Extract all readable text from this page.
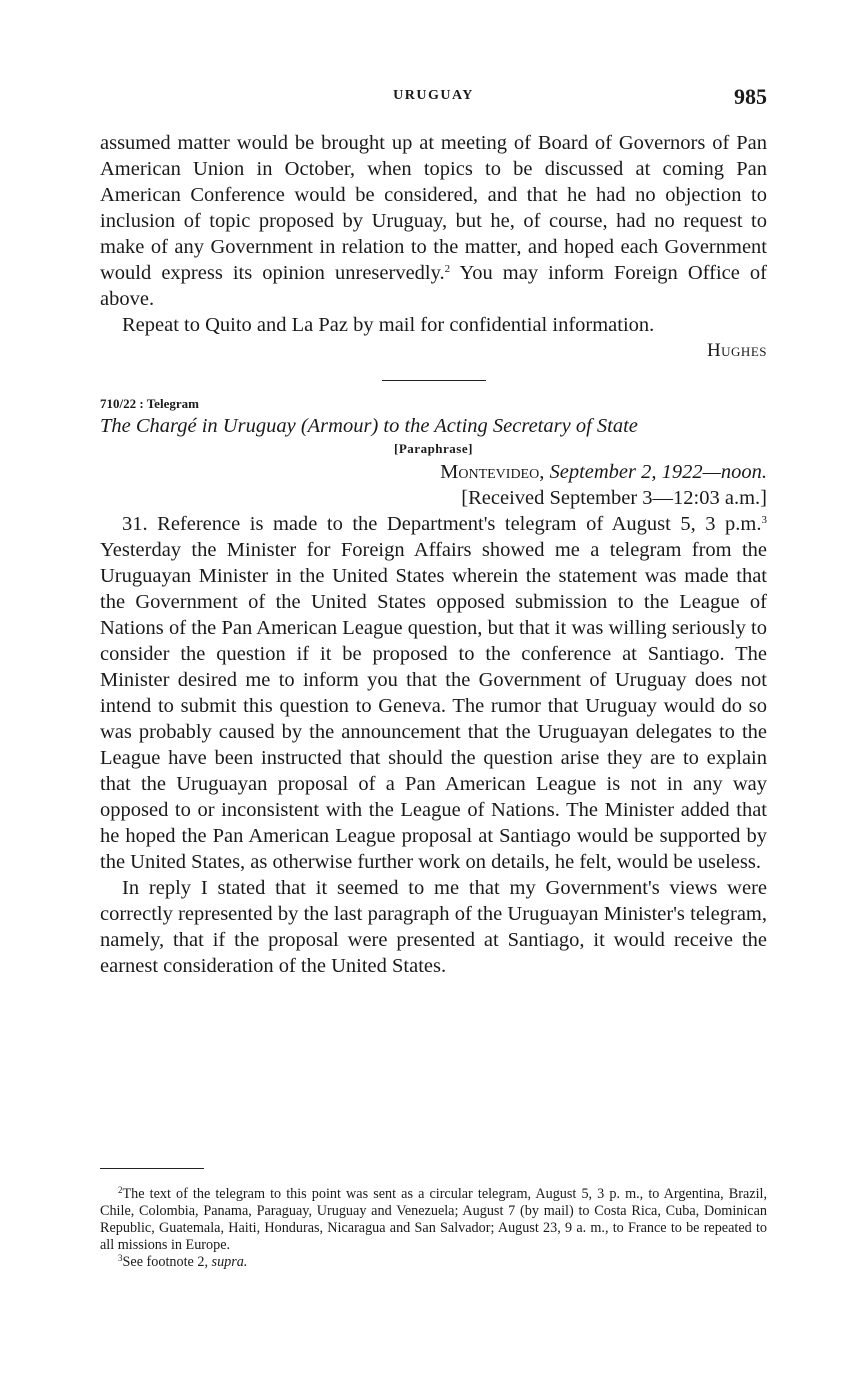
URUGUAY	985

assumed matter would be brought up at meeting of Board of Governors of Pan American Union in October, when topics to be discussed at coming Pan American Conference would be considered, and that he had no objection to inclusion of topic proposed by Uruguay, but he, of course, had no request to make of any Government in relation to the matter, and hoped each Government would express its opinion unreservedly.$^2$ You may inform Foreign Office of above.

Repeat to Quito and La Paz by mail for confidential information.

Hughes

710/22 : Telegram

The Chargé in Uruguay (Armour) to the Acting Secretary of State

[Paraphrase]

Montevideo, September 2, 1922—noon.

[Received September 3—12:03 a.m.]

31. Reference is made to the Department's telegram of August 5, 3 p.m.$^3$ Yesterday the Minister for Foreign Affairs showed me a telegram from the Uruguayan Minister in the United States wherein the statement was made that the Government of the United States opposed submission to the League of Nations of the Pan American League question, but that it was willing seriously to consider the question if it be proposed to the conference at Santiago. The Minister desired me to inform you that the Government of Uruguay does not intend to submit this question to Geneva. The rumor that Uruguay would do so was probably caused by the announcement that the Uruguayan delegates to the League have been instructed that should the question arise they are to explain that the Uruguayan proposal of a Pan American League is not in any way opposed to or inconsistent with the League of Nations. The Minister added that he hoped the Pan American League proposal at Santiago would be supported by the United States, as otherwise further work on details, he felt, would be useless.

In reply I stated that it seemed to me that my Government's views were correctly represented by the last paragraph of the Uruguayan Minister's telegram, namely, that if the proposal were presented at Santiago, it would receive the earnest consideration of the United States.

$^2$The text of the telegram to this point was sent as a circular telegram, August 5, 3 p. m., to Argentina, Brazil, Chile, Colombia, Panama, Paraguay, Uruguay and Venezuela; August 7 (by mail) to Costa Rica, Cuba, Dominican Republic, Guatemala, Haiti, Honduras, Nicaragua and San Salvador; August 23, 9 a. m., to France to be repeated to all missions in Europe.

$^3$See footnote 2, supra.
